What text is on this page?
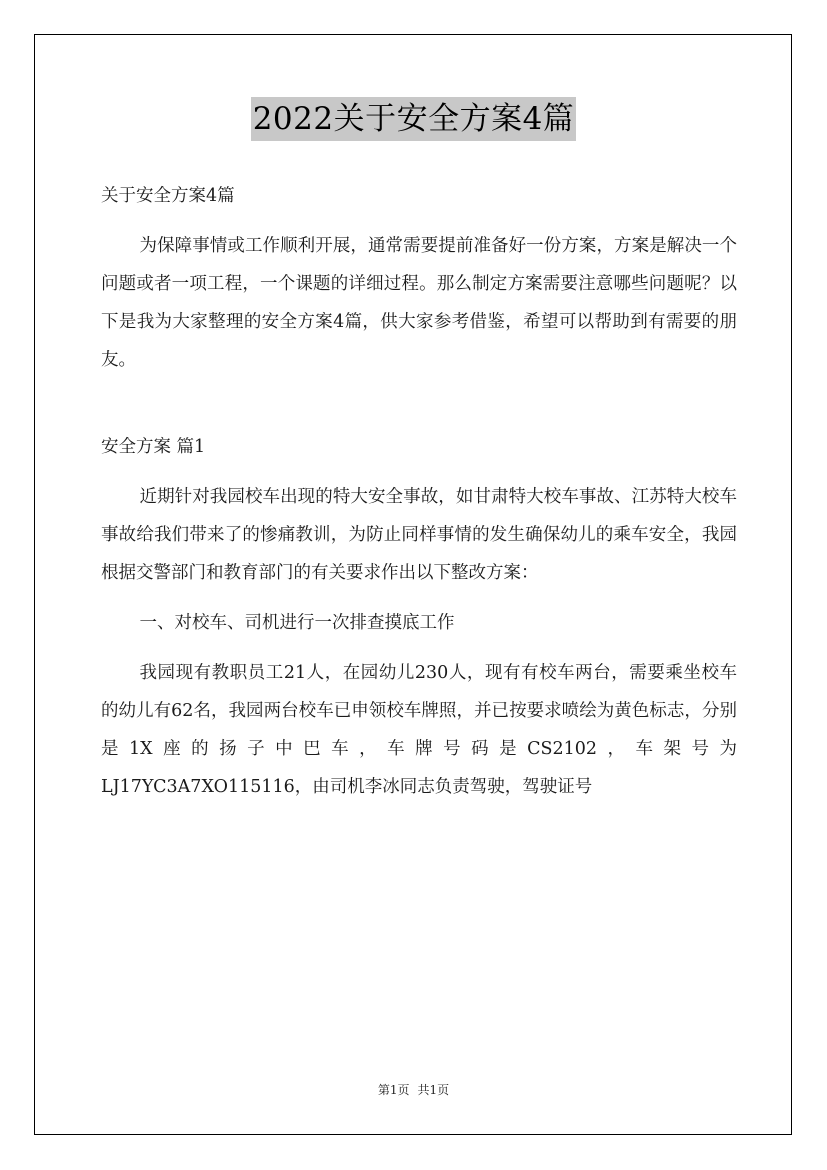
2022关于安全方案4篇

关于安全方案4篇

为保障事情或工作顺利开展，通常需要提前准备好一份方案，方案是解决一个问题或者一项工程，一个课题的详细过程。那么制定方案需要注意哪些问题呢？以下是我为大家整理的安全方案4篇，供大家参考借鉴，希望可以帮助到有需要的朋友。

安全方案 篇1

近期针对我园校车出现的特大安全事故，如甘肃特大校车事故、江苏特大校车事故给我们带来了的惨痛教训，为防止同样事情的发生确保幼儿的乘车安全，我园根据交警部门和教育部门的有关要求作出以下整改方案：

一、对校车、司机进行一次排查摸底工作

我园现有教职员工21人，在园幼儿230人，现有有校车两台，需要乘坐校车的幼儿有62名，我园两台校车已申领校车牌照，并已按要求喷绘为黄色标志，分别是1X座的扬子中巴车，车牌号码是CS2102，车架号为LJ17YC3A7XO115116，由司机李冰同志负责驾驶，驾驶证号

第1页 共1页
